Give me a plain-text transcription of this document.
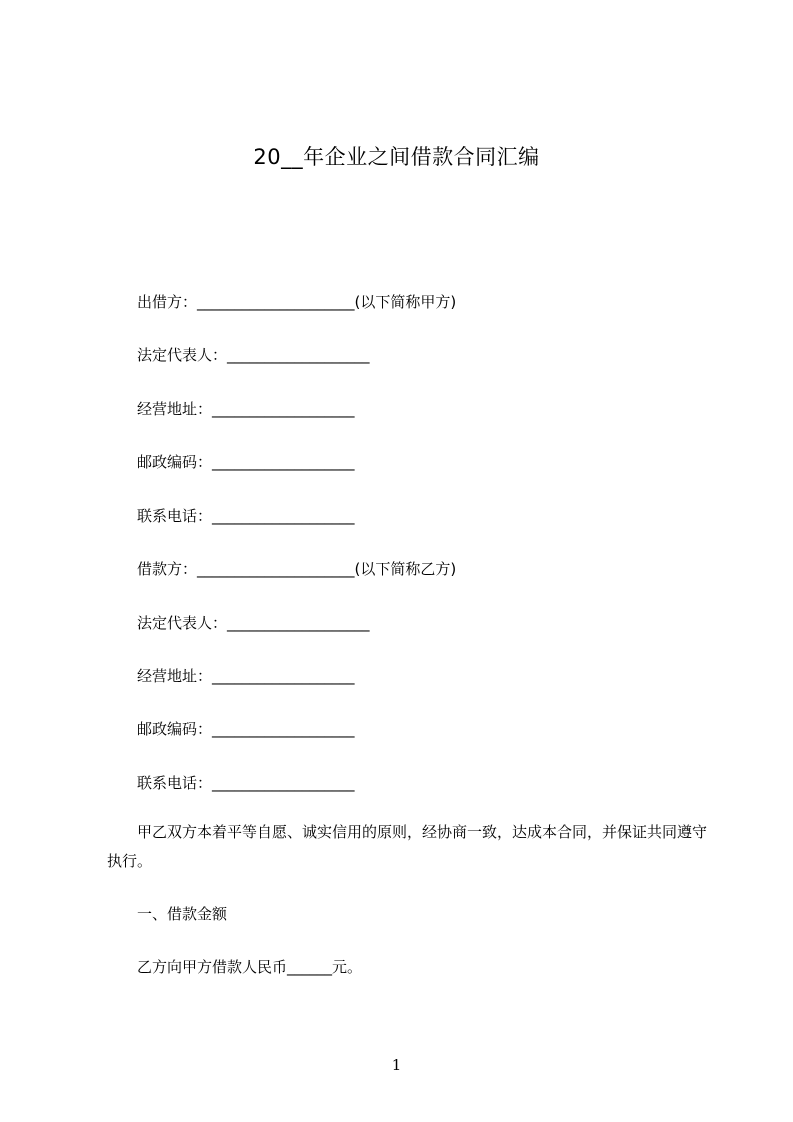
20__年企业之间借款合同汇编
出借方：_____________________(以下简称甲方)
法定代表人：___________________
经营地址：___________________
邮政编码：___________________
联系电话：___________________
借款方：_____________________(以下简称乙方)
法定代表人：___________________
经营地址：___________________
邮政编码：___________________
联系电话：___________________
甲乙双方本着平等自愿、诚实信用的原则，经协商一致，达成本合同，并保证共同遵守执行。
一、借款金额
乙方向甲方借款人民币______元。
1
